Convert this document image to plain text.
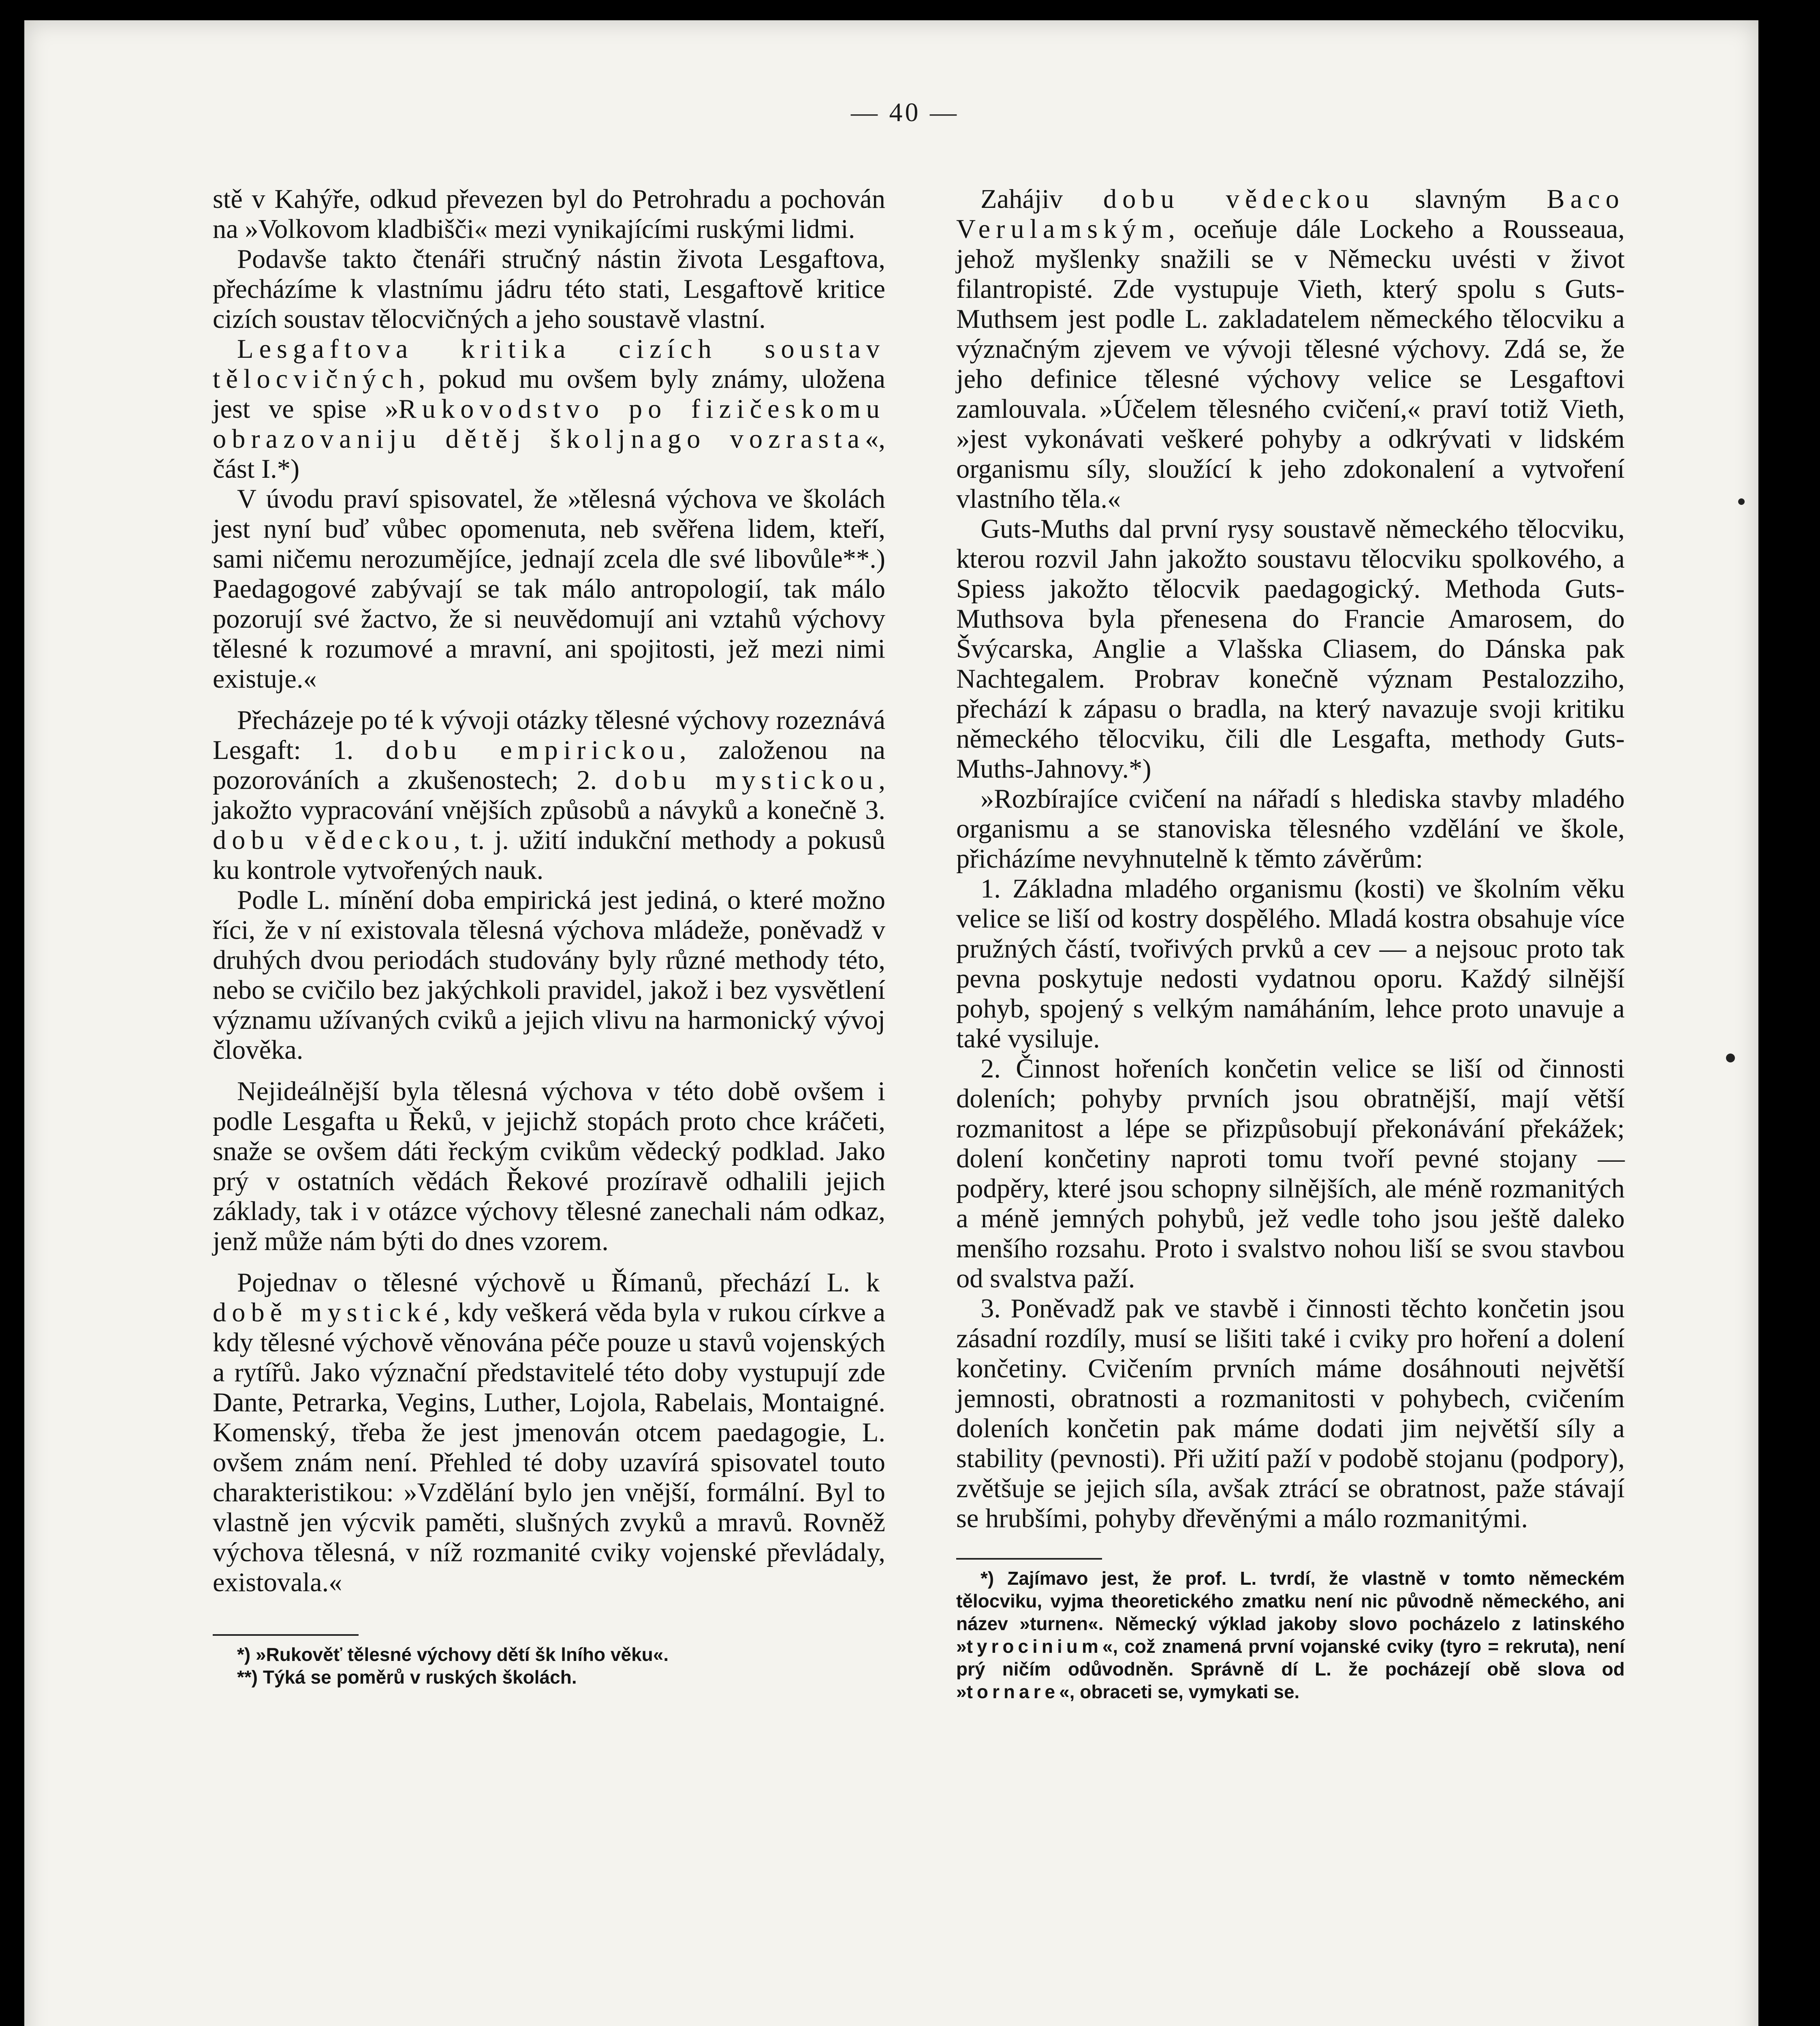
— 40 —

stě v Kahýře, odkud převezen byl do Petrohradu a pochován na »Volkovom kladbišči« mezi vynikajícími ruskými lidmi.

Podavše takto čtenáři stručný nástin života Lesgaftova, přecházíme k vlastnímu jádru této stati, Lesgaftově kritice cizích soustav tělocvičných a jeho soustavě vlastní.

Lesgaftova kritika cizích soustav tělocvičných, pokud mu ovšem byly známy, uložena jest ve spise »Rukovodstvo po fizičeskomu obrazovaniju dětěj školjnago vozrasta«, část I.*)

V úvodu praví spisovatel, že »tělesná výchova ve školách jest nyní buď vůbec opomenuta, neb svěřena lidem, kteří, sami ničemu nerozumějíce, jednají zcela dle své libovůle**.) Paedagogové zabývají se tak málo antropologií, tak málo pozorují své žactvo, že si neuvědomují ani vztahů výchovy tělesné k rozumové a mravní, ani spojitosti, jež mezi nimi existuje.«

Přecházeje po té k vývoji otázky tělesné výchovy rozeznává Lesgaft: 1. dobu empirickou, založenou na pozorováních a zkušenostech; 2. dobu mystickou, jakožto vypracování vnějších způsobů a návyků a konečně 3. dobu vědeckou, t. j. užití indukční methody a pokusů ku kontrole vytvořených nauk.

Podle L. mínění doba empirická jest jediná, o které možno říci, že v ní existovala tělesná výchova mládeže, poněvadž v druhých dvou periodách studovány byly různé methody této, nebo se cvičilo bez jakýchkoli pravidel, jakož i bez vysvětlení významu užívaných cviků a jejich vlivu na harmonický vývoj člověka.

Nejideálnější byla tělesná výchova v této době ovšem i podle Lesgafta u Řeků, v jejichž stopách proto chce kráčeti, snaže se ovšem dáti řeckým cvikům vědecký podklad. Jako prý v ostatních vědách Řekové prozíravě odhalili jejich základy, tak i v otázce výchovy tělesné zanechali nám odkaz, jenž může nám býti do dnes vzorem.

Pojednav o tělesné výchově u Římanů, přechází L. k době mystické, kdy veškerá věda byla v rukou církve a kdy tělesné výchově věnována péče pouze u stavů vojenských a rytířů. Jako význační představitelé této doby vystupují zde Dante, Petrarka, Vegins, Luther, Lojola, Rabelais, Montaigné. Komenský, třeba že jest jmenován otcem paedagogie, L. ovšem znám není. Přehled té doby uzavírá spisovatel touto charakteristikou: »Vzdělání bylo jen vnější, formální. Byl to vlastně jen výcvik paměti, slušných zvyků a mravů. Rovněž výchova tělesná, v níž rozmanité cviky vojenské převládaly, existovala.«

*) »Rukověť tělesné výchovy dětí šk lního věku«.

**) Týká se poměrů v ruských školách.

Zahájiv dobu vědeckou slavným Baco Verulamským, oceňuje dále Lockeho a Rousseaua, jehož myšlenky snažili se v Německu uvésti v život filantropisté. Zde vystupuje Vieth, který spolu s Guts-Muthsem jest podle L. zakladatelem německého tělocviku a význačným zjevem ve vývoji tělesné výchovy. Zdá se, že jeho definice tělesné výchovy velice se Lesgaftovi zamlouvala. »Účelem tělesného cvičení,« praví totiž Vieth, »jest vykonávati veškeré pohyby a odkrývati v lidském organismu síly, sloužící k jeho zdokonalení a vytvoření vlastního těla.«

Guts-Muths dal první rysy soustavě německého tělocviku, kterou rozvil Jahn jakožto soustavu tělocviku spolkového, a Spiess jakožto tělocvik paedagogický. Methoda Guts-Muthsova byla přenesena do Francie Amarosem, do Švýcarska, Anglie a Vlašska Cliasem, do Dánska pak Nachtegalem. Probrav konečně význam Pestalozziho, přechází k zápasu o bradla, na který navazuje svoji kritiku německého tělocviku, čili dle Lesgafta, methody Guts-Muths-Jahnovy.*)

»Rozbírajíce cvičení na nářadí s hlediska stavby mladého organismu a se stanoviska tělesného vzdělání ve škole, přicházíme nevyhnutelně k těmto závěrům:

1. Základna mladého organismu (kosti) ve školním věku velice se liší od kostry dospělého. Mladá kostra obsahuje více pružných částí, tvořivých prvků a cev — a nejsouc proto tak pevna poskytuje nedosti vydatnou oporu. Každý silnější pohyb, spojený s velkým namáháním, lehce proto unavuje a také vysiluje.

2. Činnost hořeních končetin velice se liší od činnosti doleních; pohyby prvních jsou obratnější, mají větší rozmanitost a lépe se přizpůsobují překonávání překážek; dolení končetiny naproti tomu tvoří pevné stojany — podpěry, které jsou schopny silnějších, ale méně rozmanitých a méně jemných pohybů, jež vedle toho jsou ještě daleko menšího rozsahu. Proto i svalstvo nohou liší se svou stavbou od svalstva paží.

3. Poněvadž pak ve stavbě i činnosti těchto končetin jsou zásadní rozdíly, musí se lišiti také i cviky pro hoření a dolení končetiny. Cvičením prvních máme dosáhnouti největší jemnosti, obratnosti a rozmanitosti v pohybech, cvičením doleních končetin pak máme dodati jim největší síly a stability (pevnosti). Při užití paží v podobě stojanu (podpory), zvětšuje se jejich síla, avšak ztrácí se obratnost, paže stávají se hrubšími, pohyby dřevěnými a málo rozmanitými.

*) Zajímavo jest, že prof. L. tvrdí, že vlastně v tomto německém tělocviku, vyjma theoretického zmatku není nic původně německého, ani název »turnen«. Německý výklad jakoby slovo pocházelo z latinského »tyrocinium«, což znamená první vojanské cviky (tyro = rekruta), není prý ničím odůvodněn. Správně dí L. že pocházejí obě slova od »tornare«, obraceti se, vymykati se.
